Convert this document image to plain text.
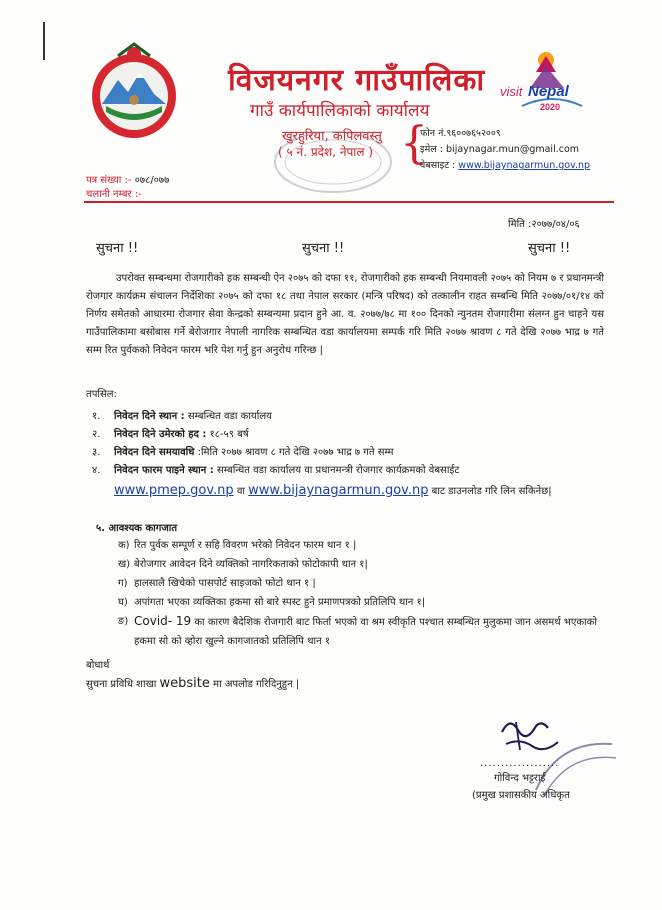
visit Nepal
2020
विजयनगर गाउँपालिका
गाउँ कार्यपालिकाको कार्यालय
खुरहुरिया, कपिलवस्तु
( ५ नं. प्रदेश, नेपाल ) {
फोन नं.९६००७६५२००९
इमेल : bijaynagar.mun@gmail.com
वेबसाइट : www.bijaynagarmun.gov.np
पत्र संख्या :- ०७८/०७७
चलानी नम्बर :-
मिति :२०७७/०४/०६
सुचना !!	सुचना !!	सुचना !!

उपरोक्त सम्बन्धमा रोजगारीको हक सम्बन्धी ऐन २०७५ को दफा ११, रोजगारीको हक सम्बन्धी नियमावली २०७५ को नियम ७ र प्रधानमन्त्री रोजगार कार्यक्रम संचालन निर्देशिका २०७५ को दफा १८ तथा नेपाल सरकार (मन्त्रि परिषद) को तत्कालीन राहत सम्बन्धि मिति २०७७/०१/१४ को निर्णय समेतको आधारमा रोजगार सेवा केन्द्रको सम्बन्यमा प्रदान हुने आ. व. २०७७/७८ मा १०० दिनको न्युनतम रोजगारीमा संलग्न हुन चाहने यस गाउँपालिकामा बसोबास गर्ने बेरोजगार नेपाली नागरिक सम्बन्धित वडा कार्यालयमा सम्पर्क गरि मिति २०७७ श्रावण ८ गते देखि २०७७ भाद्र ७ गते सम्म रित पुर्वकको निवेदन फारम भरि पेश गर्नु हुन अनुरोध गरिन्छ |

तपसिल:
१.	निवेदन दिने स्थान : सम्बन्धित वडा कार्यालय
२.	निवेदन दिने उमेरको हद : १८-५९ बर्ष
३.	निवेदन दिने समयावधि :मिति २०७७ श्रावण ८ गते देखि २०७७ भाद्र ७ गते सम्म
४.	निवेदन फारम पाइने स्थान : सम्बन्धित वडा कार्यालय वा प्रधानमन्त्री रोजगार कार्यक्रमको वेबसाईट
www.pmep.gov.np वा www.bijaynagarmun.gov.np बाट डाउनलोड गरि लिन सकिनेछ|
५. आवश्यक कागजात
क) रित पुर्वक सम्पूर्ण र सहि विवरण भरेको निवेदन फारम थान १ |
ख) बेरोजगार आवेदन दिने व्यक्तिको नागरिकताको फोटोकापी थान १|
ग) हालसालै खिचेको पासपोर्ट साइजको फोटो थान १ |
घ) अपांगता भएका व्यक्तिका हकमा सो बारे स्पस्ट हुने प्रमाणपत्रको प्रतिलिपि थान १|
ङ) Covid- 19 का कारण बैदेशिक रोजगारी बाट फिर्ता भएको वा श्रम स्वीकृति पश्चात सम्बन्धित मुलुकमा जान असमर्थ भएकाको हकमा सो को व्होरा खुल्ने कागजातको प्रतिलिपि थान १
बोधार्थ
सुचना प्रविधि शाखा website मा अपलोड गरिदिनुहुन |
...................
गोविन्द भट्टराई
(प्रमुख प्रशासकीय अधिकृत
